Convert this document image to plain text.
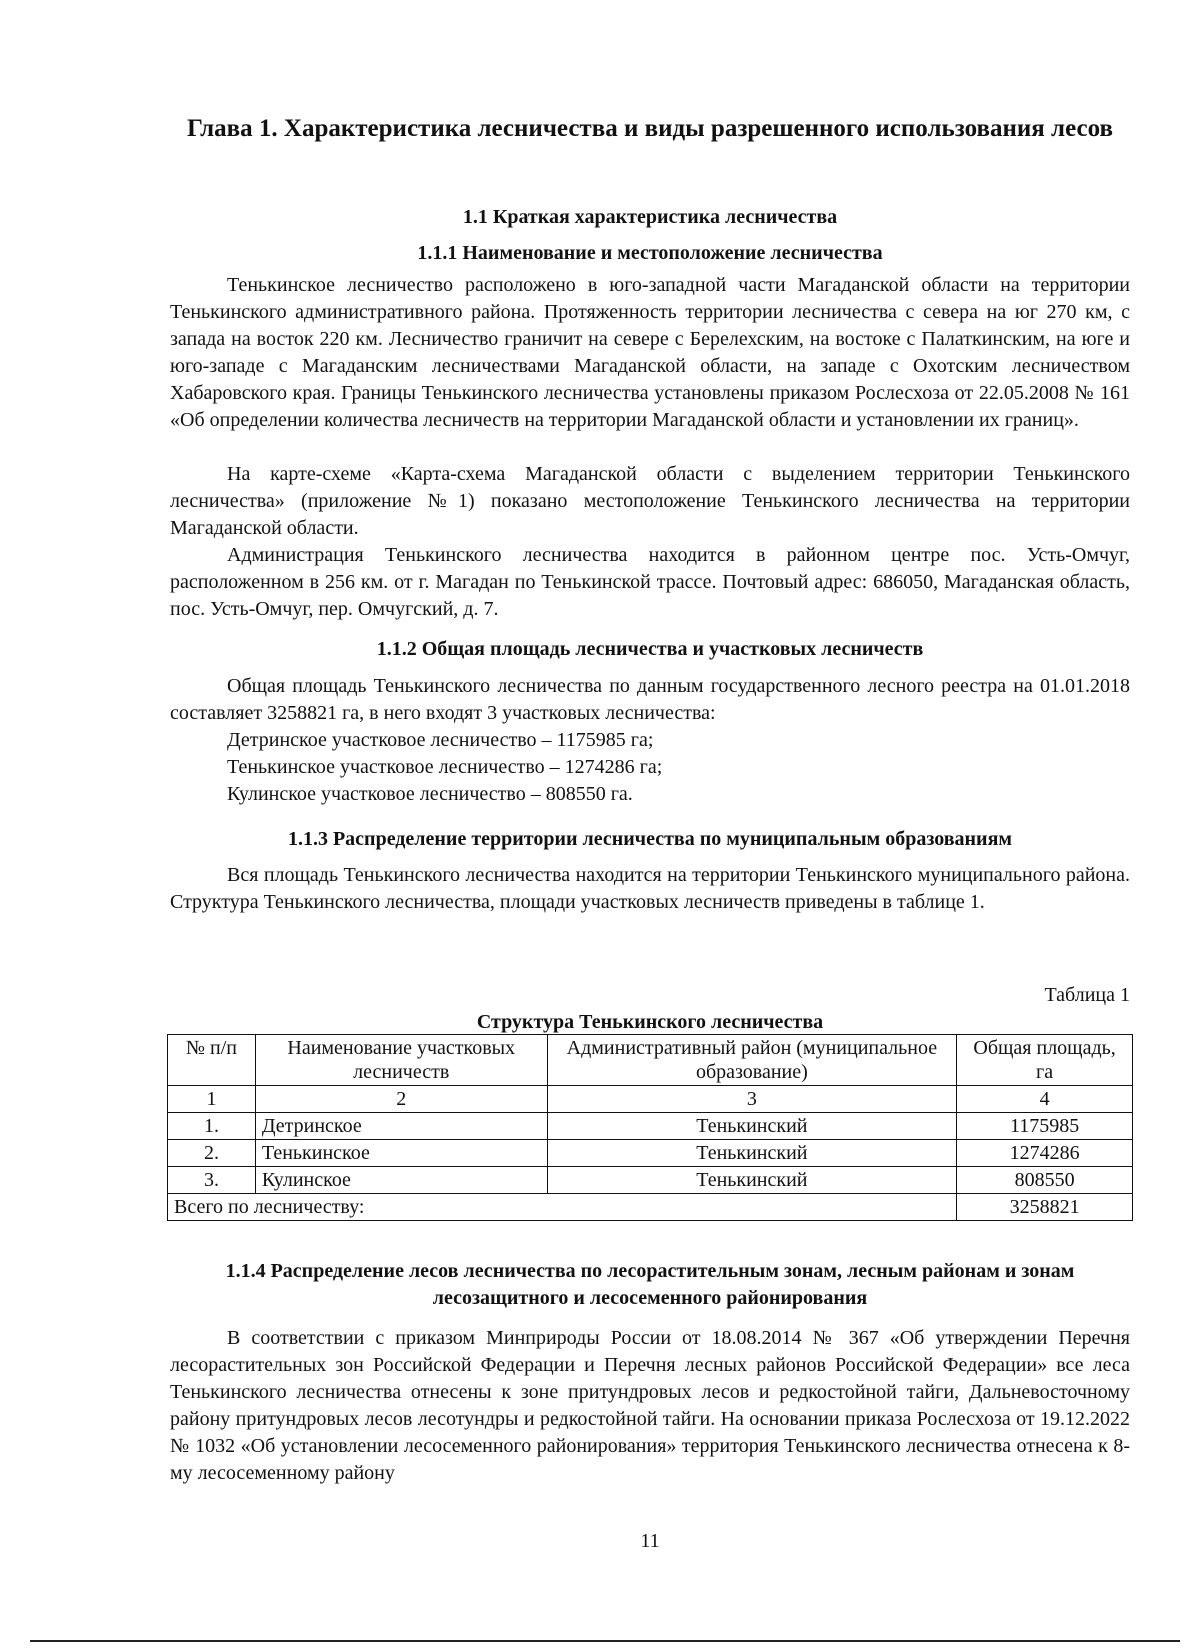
Глава 1. Характеристика лесничества и виды разрешенного использования лесов
1.1 Краткая характеристика лесничества
1.1.1 Наименование и местоположение лесничества

Тенькинское лесничество расположено в юго-западной части Магаданской области на территории Тенькинского административного района. Протяженность территории лесничества с севера на юг 270 км, с запада на восток 220 км. Лесничество граничит на севере с Берелехским, на востоке с Палаткинским, на юге и юго-западе с Магаданским лесничествами Магаданской области, на западе с Охотским лесничеством Хабаровского края. Границы Тенькинского лесничества установлены приказом Рослесхоза от 22.05.2008 № 161 «Об определении количества лесничеств на территории Магаданской области и установлении их границ».

На карте-схеме «Карта-схема Магаданской области с выделением территории Тенькинского лесничества» (приложение №1) показано местоположение Тенькинского лесничества на территории Магаданской области.

Администрация Тенькинского лесничества находится в районном центре пос. Усть-Омчуг, расположенном в 256 км. от г. Магадан по Тенькинской трассе. Почтовый адрес: 686050, Магаданская область, пос. Усть-Омчуг, пер. Омчугский, д. 7.

1.1.2 Общая площадь лесничества и участковых лесничеств

Общая площадь Тенькинского лесничества по данным государственного лесного реестра на 01.01.2018 составляет 3258821 га, в него входят 3 участковых лесничества:

Детринское участковое лесничество – 1175985 га;
Тенькинское участковое лесничество – 1274286 га;
Кулинское участковое лесничество – 808550 га.
1.1.3 Распределение территории лесничества по муниципальным образованиям

Вся площадь Тенькинского лесничества находится на территории Тенькинского муниципального района. Структура Тенькинского лесничества, площади участковых лесничеств приведены в таблице 1.

Таблица 1
Структура Тенькинского лесничества
№ п/п	Наименование участковых лесничеств	Административный район (муниципальное образование)	Общая площадь, га
1	2	3	4
1.	Детринское	Тенькинский	1175985
2.	Тенькинское	Тенькинский	1274286
3.	Кулинское	Тенькинский	808550
Всего по лесничеству:			3258821
1.1.4 Распределение лесов лесничества по лесорастительным зонам, лесным районам и зонам лесозащитного и лесосеменного районирования

В соответствии с приказом Минприроды России от 18.08.2014 № 367 «Об утверждении Перечня лесорастительных зон Российской Федерации и Перечня лесных районов Российской Федерации» все леса Тенькинского лесничества отнесены к зоне притундровых лесов и редкостойной тайги, Дальневосточному району притундровых лесов лесотундры и редкостойной тайги. На основании приказа Рослесхоза от 19.12.2022 № 1032 «Об установлении лесосеменного районирования» территория Тенькинского лесничества отнесена к 8-му лесосеменному району

11
